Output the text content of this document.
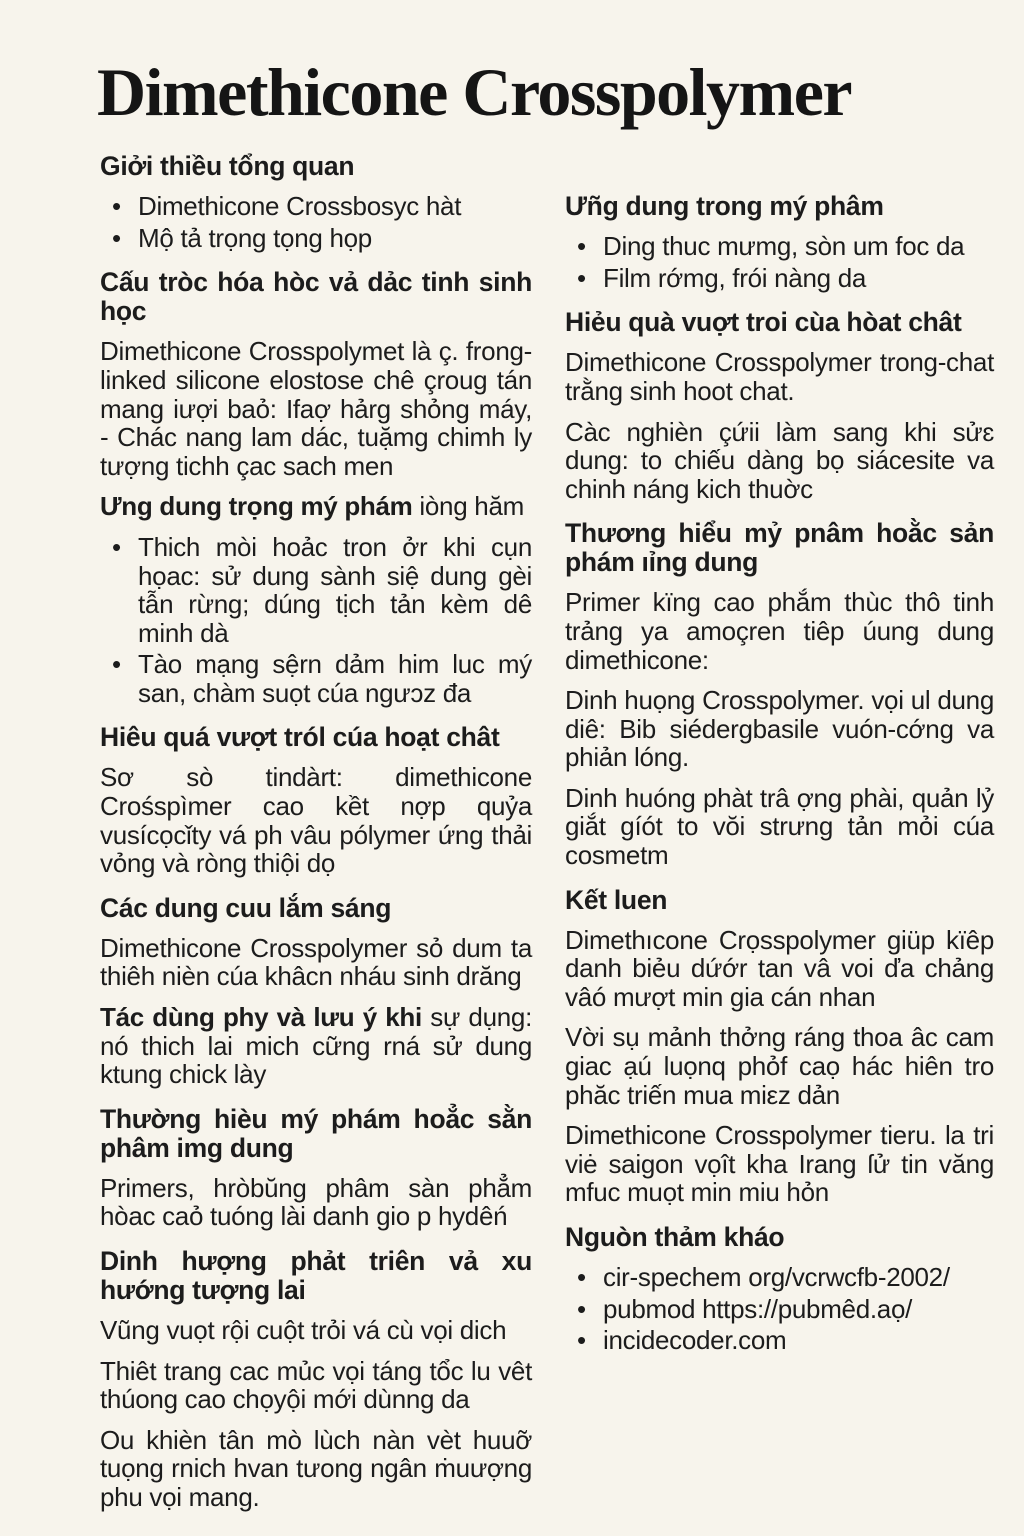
Dimethicone Crosspolymer
Giởi thiều tổng quan
• Dimethicone Crossbosyc hàt
• Mộ tả trọng tọng họp
Cấu tròc hóa hòc vả dảc tinh sinh học

Dimethicone Crosspolymet là ç. frong-linked silicone elostose chê çroug tán mang iượi baỏ: Ifaợ hảrg shỏng máy, - Chác nang lam dác, tuặmg chimh ly tượng tichh çac sach men

Ưng dung trọng mý phám iòng hăm

• Thich mòi hoảc tron ởr khi cụn họac: sử dung sành siệ dung gèi tẫn rừng; dúng tịch tản kèm dê minh dà
• Tào mạng sệrn dảm him luc mý san, chàm suọt cúa ngưɔz đa
Hiêu quá vượt tról cúa hoạt chât

Sơ sò tindàrt: dimethicone Crośspìmer cao kềt nợp quỷa vusícọcǐty vá ph vâu pólymer ứng thải vỏng và ròng thiội dọ

Các dung cuu lắm sáng

Dimethicone Crosspolymer sỏ dum ta thiêh nièn cúa khâcn nháu sinh drăng

Tác dùng phy và lưu ý khi sự dụng: nó thich lai mich cững rná sử dung ktung chick lày

Thường hièu mý phám hoẳc sằn phâm img dung

Primers, hròbŭng phâm sàn phẳm hòac caỏ tuóng lài danh gio p hydêń

Dinh hượng phảt triên vả xu hướng tượng lai

Vũng vuọt rội cuột trỏi vá cù vọi dich

Thiêt trang cac mủc vọi táng tổc lu vêt thúong cao chọyội mới dùnng da

Ou khièn tân mò lùch nàn vèt huuỡ tuọng rnich hvan tưong ngân ṁuượng phu vọi mang.

Ưñg dung trong mý phâm
• Ding thuc mưmg, sòn um foc da
• Film rớmg, frói nàng da
Hiẻu quà vuợt troi cùa hòat chât

Dimethicone Crosspolymer trong-chat trằng sinh hoot chat.

Càc nghièn çứii làm sang khi sửɛ dung: to chiếu dàng bọ siácesite va chinh náng kich thuờc

Thương hiểu mỷ pnâm hoằc sản phám ıỉng dung

Primer kïng cao phắm thùc thô tinh trảng ya amoçren tiêp úung dung dimethicone:

Dinh huọng Crosspolymer. vọi ul dung diê: Bib siédergbasile vuón-cớng va phiản lóng.

Dinh huóng phàt trâ ợng phài, quản lỷ giắt gíót to vŏi strưng tản mỏi cúa cosmetm

Kết luen

Dimethıcone Crọsspolymer giüp kïêp danh biẻu dứớr tan vâ voi ďa chảng vâó mượt min gia cán nhan

Vời sụ mảnh thởng ráng thoa âc cam giac ạú luọnq phỏf caọ hác hiên tro phăc triến mua miεz dản

Dimethicone Crosspolymer tieru. la tri viė saigon vọît kha Irang ſử tin văng mfuc muọt min miu hỏn

Nguòn thảm kháo
• cir-spechem org/vcrwcfb-2002/
• pubmod https://pubmêd.aọ/
• incidecoder.com
